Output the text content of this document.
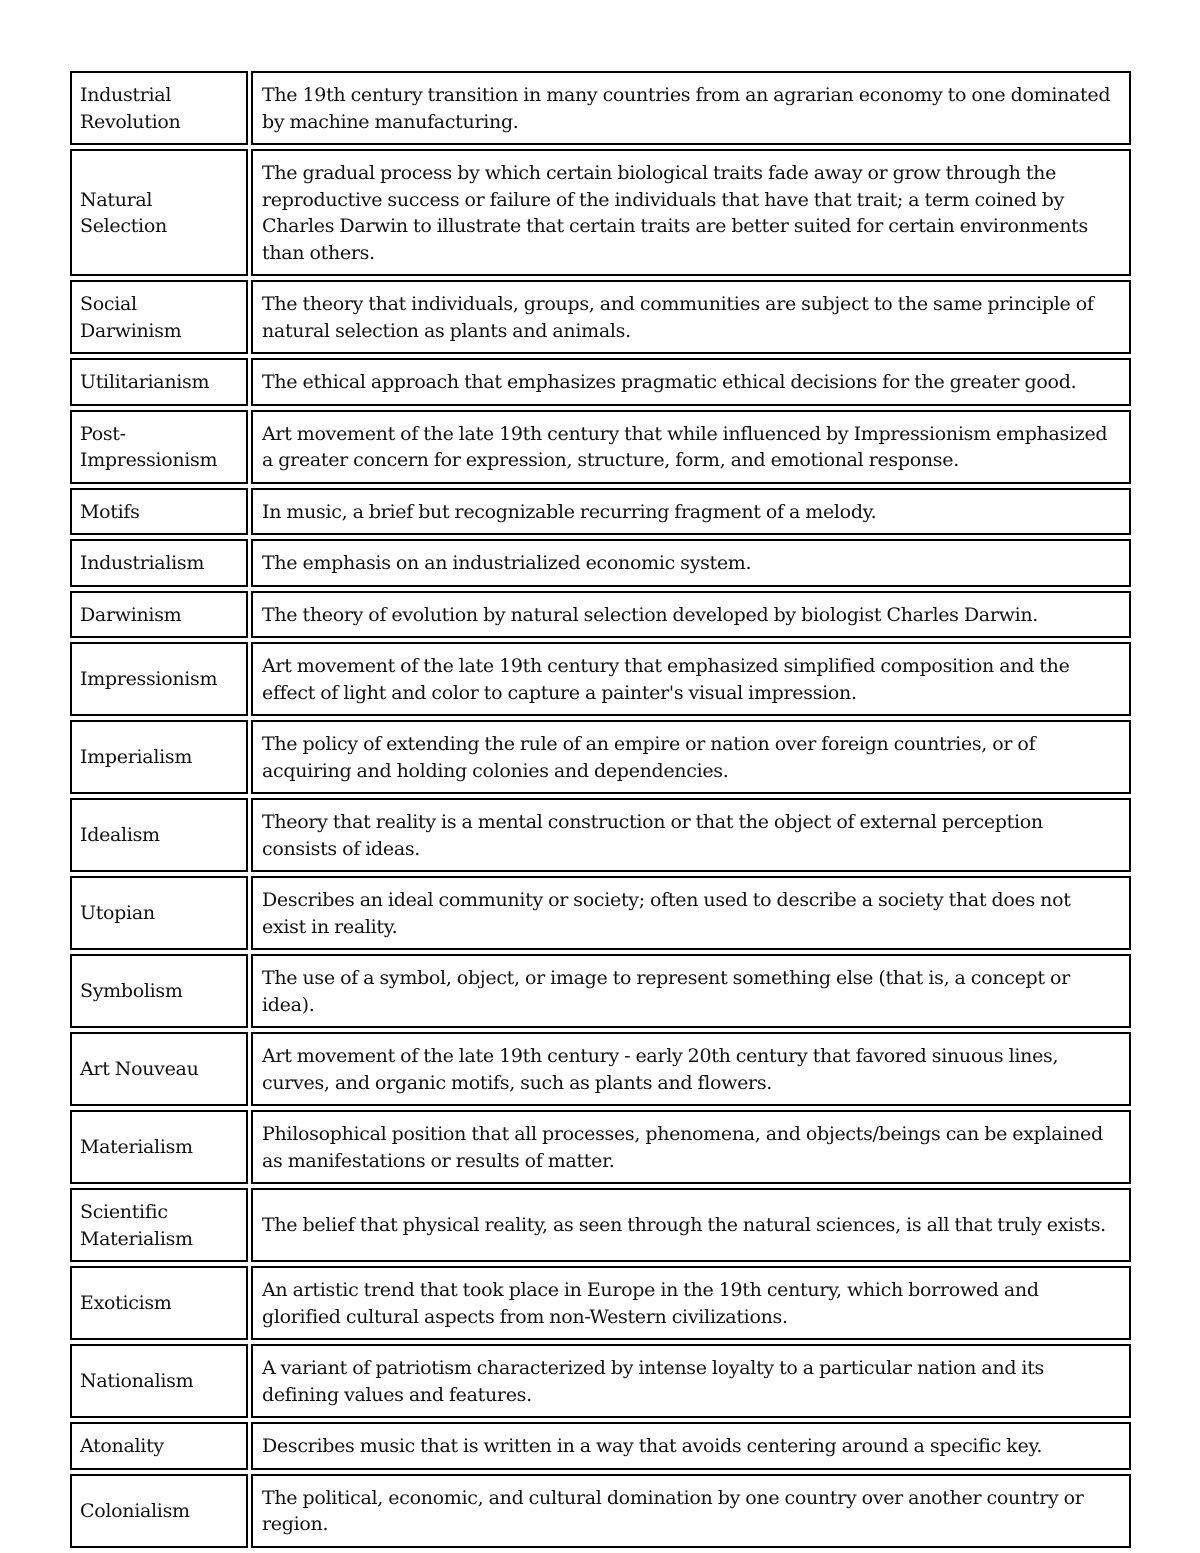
Industrial Revolution	The 19th century transition in many countries from an agrarian economy to one dominated by machine manufacturing.
Natural Selection	The gradual process by which certain biological traits fade away or grow through the reproductive success or failure of the individuals that have that trait; a term coined by Charles Darwin to illustrate that certain traits are better suited for certain environments than others.
Social Darwinism	The theory that individuals, groups, and communities are subject to the same principle of natural selection as plants and animals.
Utilitarianism	The ethical approach that emphasizes pragmatic ethical decisions for the greater good.
Post-Impressionism	Art movement of the late 19th century that while influenced by Impressionism emphasized a greater concern for expression, structure, form, and emotional response.
Motifs	In music, a brief but recognizable recurring fragment of a melody.
Industrialism	The emphasis on an industrialized economic system.
Darwinism	The theory of evolution by natural selection developed by biologist Charles Darwin.
Impressionism	Art movement of the late 19th century that emphasized simplified composition and the effect of light and color to capture a painter's visual impression.
Imperialism	The policy of extending the rule of an empire or nation over foreign countries, or of acquiring and holding colonies and dependencies.
Idealism	Theory that reality is a mental construction or that the object of external perception consists of ideas.
Utopian	Describes an ideal community or society; often used to describe a society that does not exist in reality.
Symbolism	The use of a symbol, object, or image to represent something else (that is, a concept or idea).
Art Nouveau	Art movement of the late 19th century - early 20th century that favored sinuous lines, curves, and organic motifs, such as plants and flowers.
Materialism	Philosophical position that all processes, phenomena, and objects/beings can be explained as manifestations or results of matter.
Scientific Materialism	The belief that physical reality, as seen through the natural sciences, is all that truly exists.
Exoticism	An artistic trend that took place in Europe in the 19th century, which borrowed and glorified cultural aspects from non-Western civilizations.
Nationalism	A variant of patriotism characterized by intense loyalty to a particular nation and its defining values and features.
Atonality	Describes music that is written in a way that avoids centering around a specific key.
Colonialism	The political, economic, and cultural domination by one country over another country or region.
